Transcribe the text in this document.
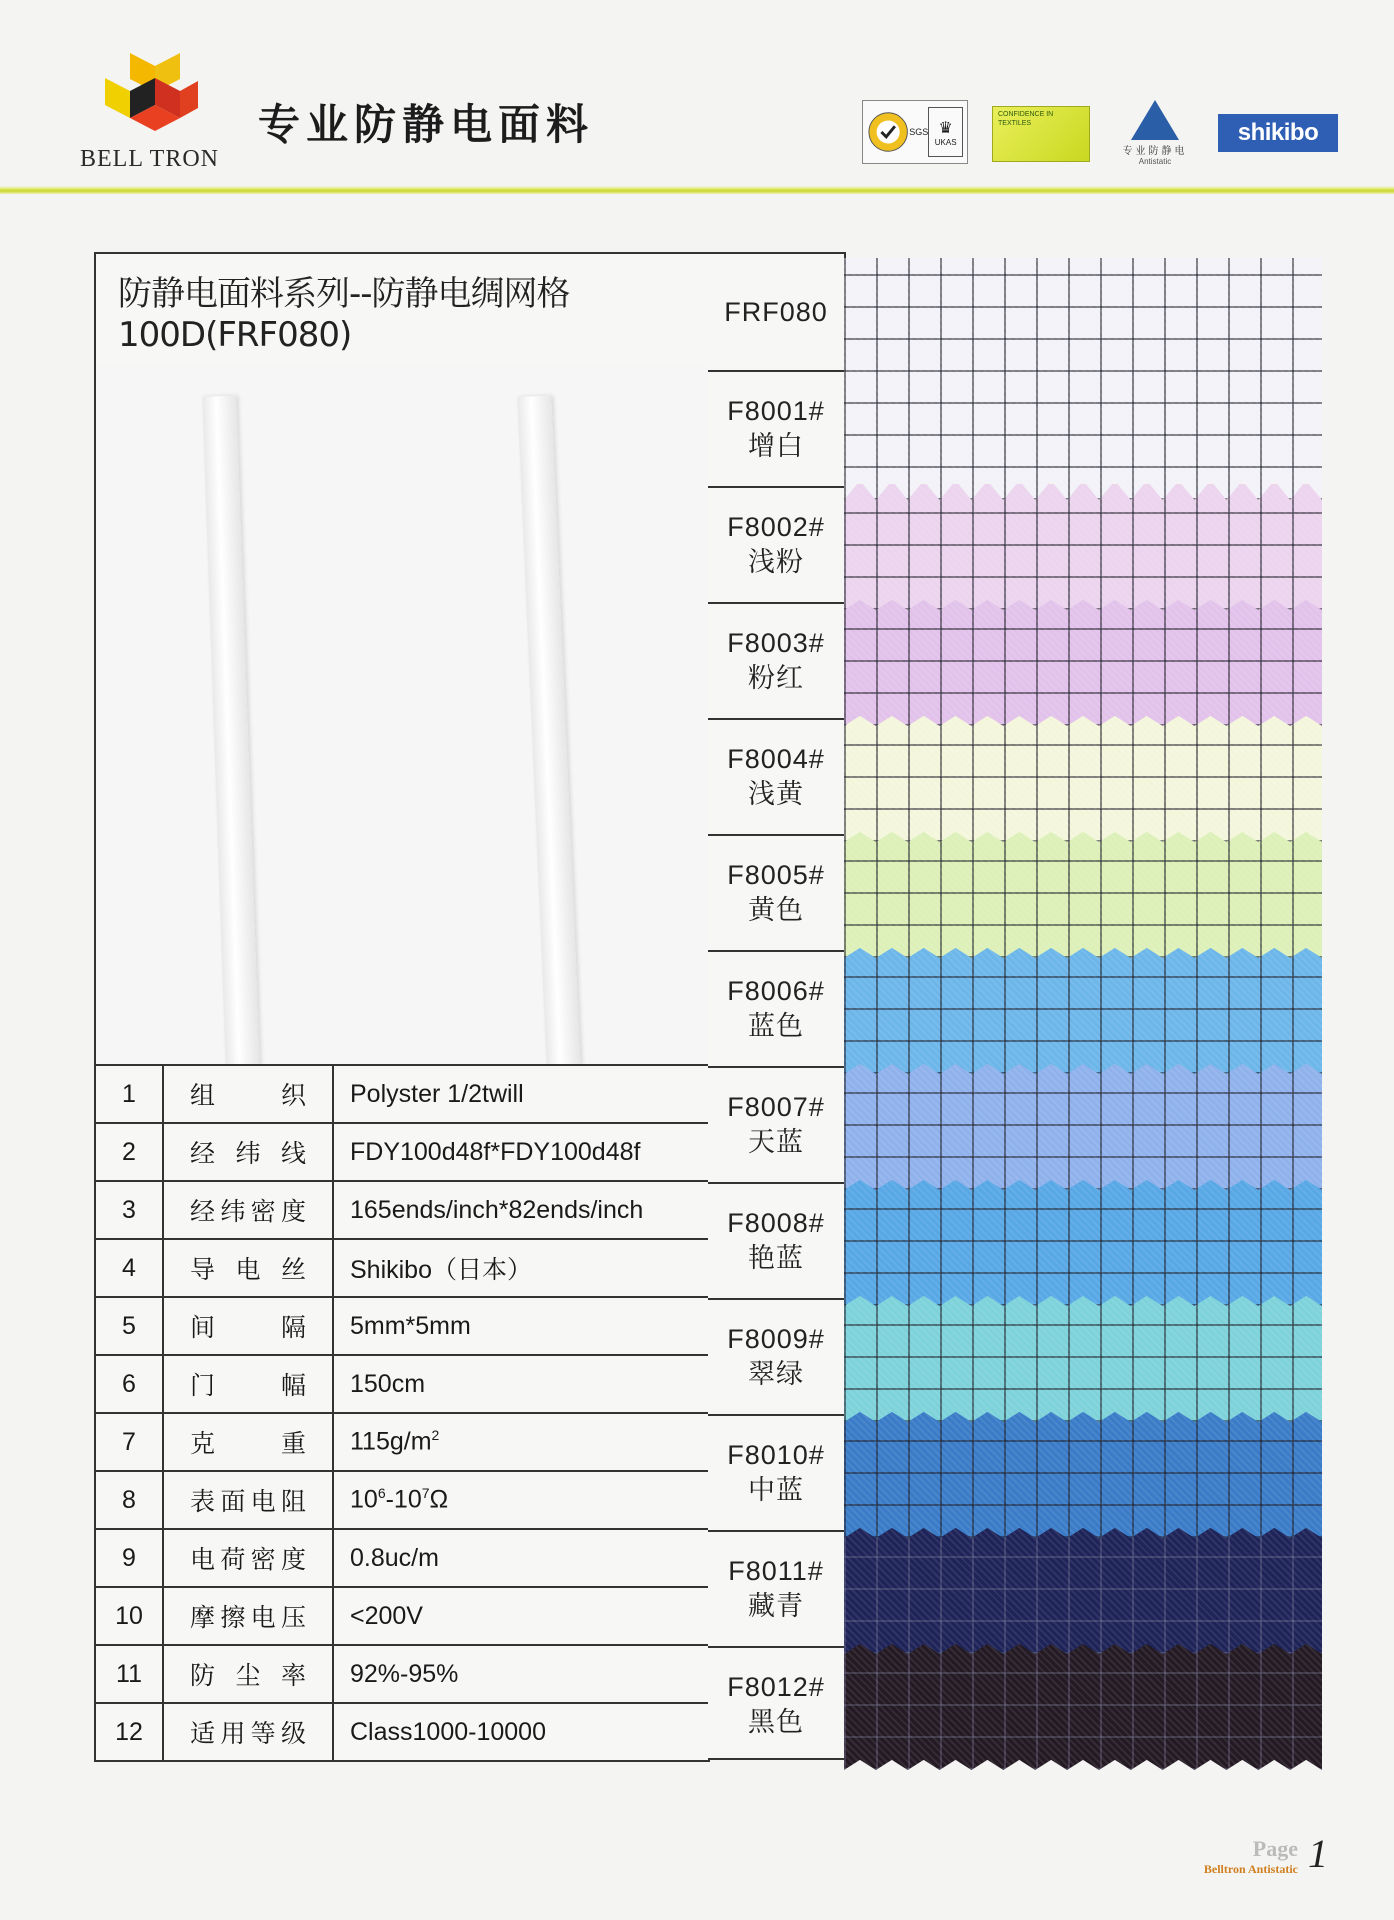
BELL TRON
专业防静电面料	SGS ♛
UKAS
CONFIDENCE IN TEXTILES
专业防静电
Antistatic
shikibo
防静电面料系列--防静电绸网格100D(FRF080)
1	组织	Polyster 1/2twill
2	经纬线	FDY100d48f*FDY100d48f
3	经纬密度	165ends/inch*82ends/inch
4	导电丝	Shikibo（日本）
5	间隔	5mm*5mm
6	门幅	150cm
7	克重	$115g/m^2$
8	表面电阻	$10^6-10^7\Omega$
9	电荷密度	0.8uc/m
10	摩擦电压	<200V
11	防尘率	92%-95%
12	适用等级	Class1000-10000
FRF080
F8001#
增白
F8002#
浅粉
F8003#
粉红
F8004#
浅黄
F8005#
黄色
F8006#
蓝色
F8007#
天蓝
F8008#
艳蓝
F8009#
翠绿
F8010#
中蓝
F8011#
藏青
F8012#
黑色
Page
Belltron Antistatic 1
